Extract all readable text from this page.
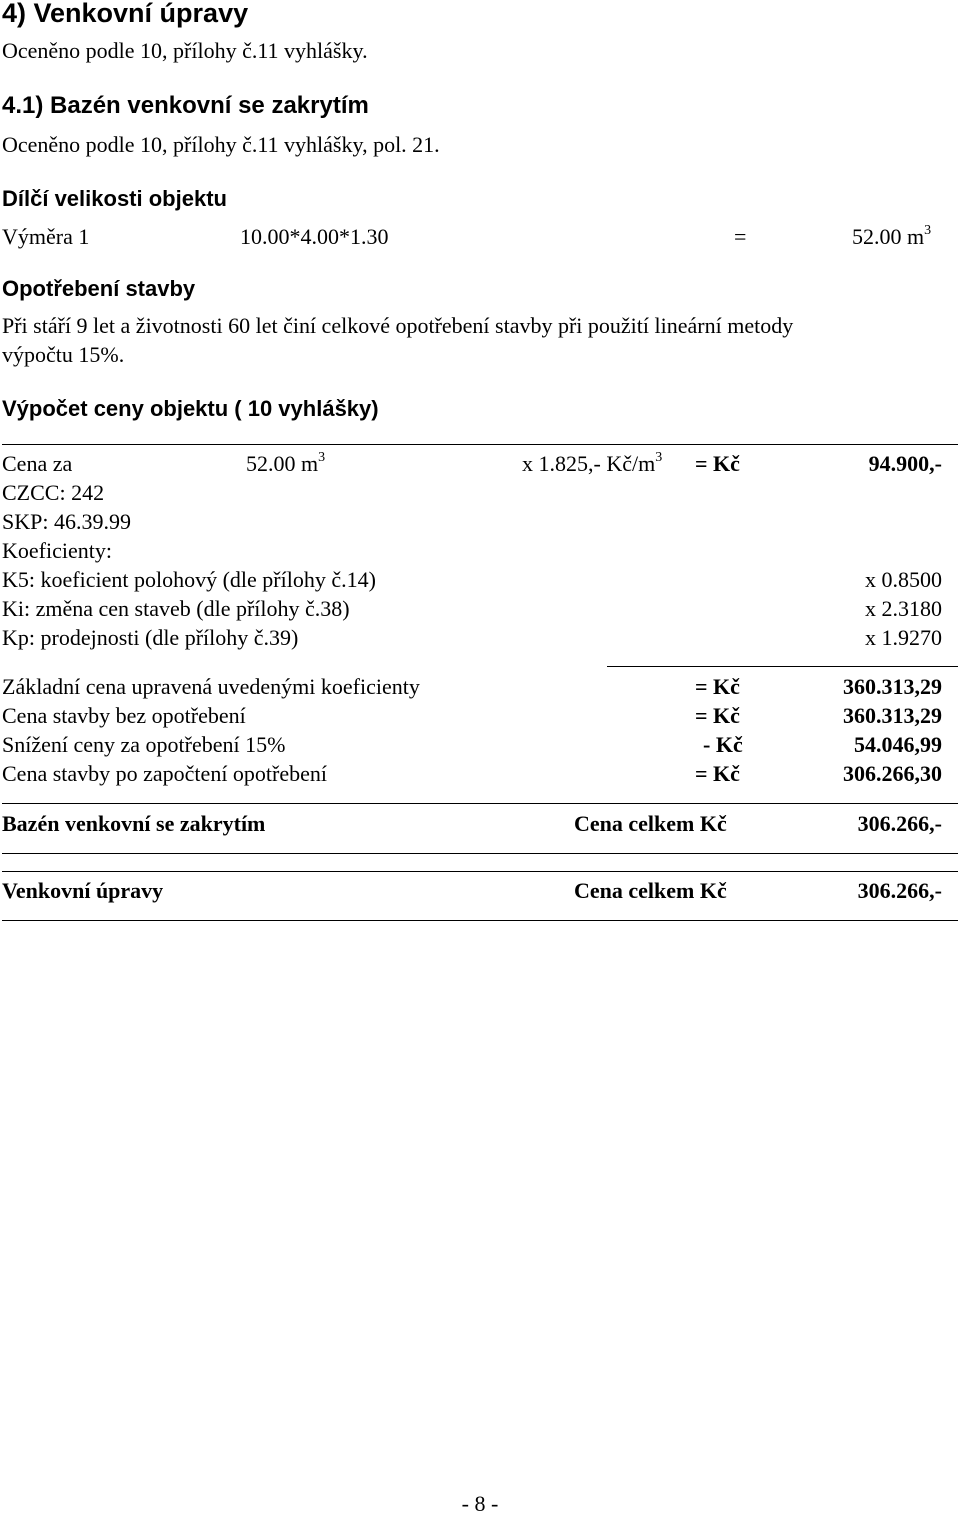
4) Venkovní úpravy
Oceněno podle 10, přílohy č.11 vyhlášky.
4.1) Bazén venkovní se zakrytím
Oceněno podle 10, přílohy č.11 vyhlášky, pol. 21.
Dílčí velikosti objektu
Výměra 1	10.00*4.00*1.30	=	52.00 $m^3$
Opotřebení stavby
Při stáří 9 let a životnosti 60 let činí celkové opotřebení stavby při použití lineární metody
výpočtu 15%.
Výpočet ceny objektu ( 10 vyhlášky)
Cena za	52.00 $m^3$	x 1.825,- $Kč/m^3$ = Kč	94.900,-
CZCC: 242
SKP: 46.39.99
Koeficienty:
K5: koeficient polohový (dle přílohy č.14)	x 0.8500
Ki: změna cen staveb (dle přílohy č.38)	x 2.3180
Kp: prodejnosti (dle přílohy č.39)	x 1.9270
Základní cena upravená uvedenými koeficienty	= Kč	360.313,29
Cena stavby bez opotřebení	= Kč	360.313,29
Snížení ceny za opotřebení 15%	- Kč	54.046,99
Cena stavby po započtení opotřebení	= Kč	306.266,30
Bazén venkovní se zakrytím	Cena celkem Kč	306.266,-
Venkovní úpravy	Cena celkem Kč	306.266,-
- 8 -
